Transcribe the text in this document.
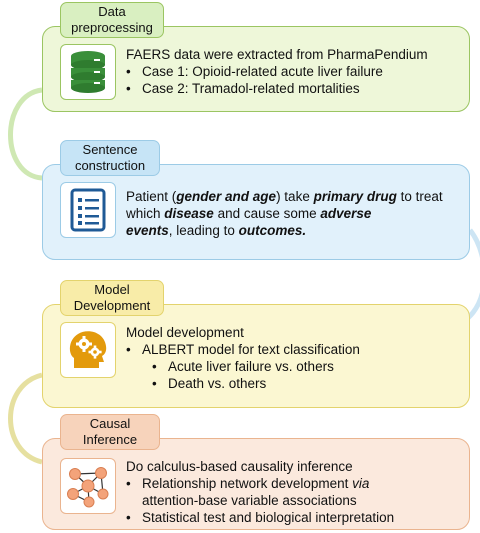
Data
preprocessing
FAERS data were extracted from PharmaPendium
• Case 1: Opioid-related acute liver failure
• Case 2: Tramadol-related mortalities
Sentence
construction
Patient (gender and age) take primary drug to treat
which disease and cause some adverse
events, leading to outcomes.
Model
Development
Model development
• ALBERT model for text classification
• Acute liver failure vs. others
• Death vs. others
Causal
Inference
Do calculus-based causality inference
• Relationship network development via
attention-base variable associations
• Statistical test and biological interpretation
